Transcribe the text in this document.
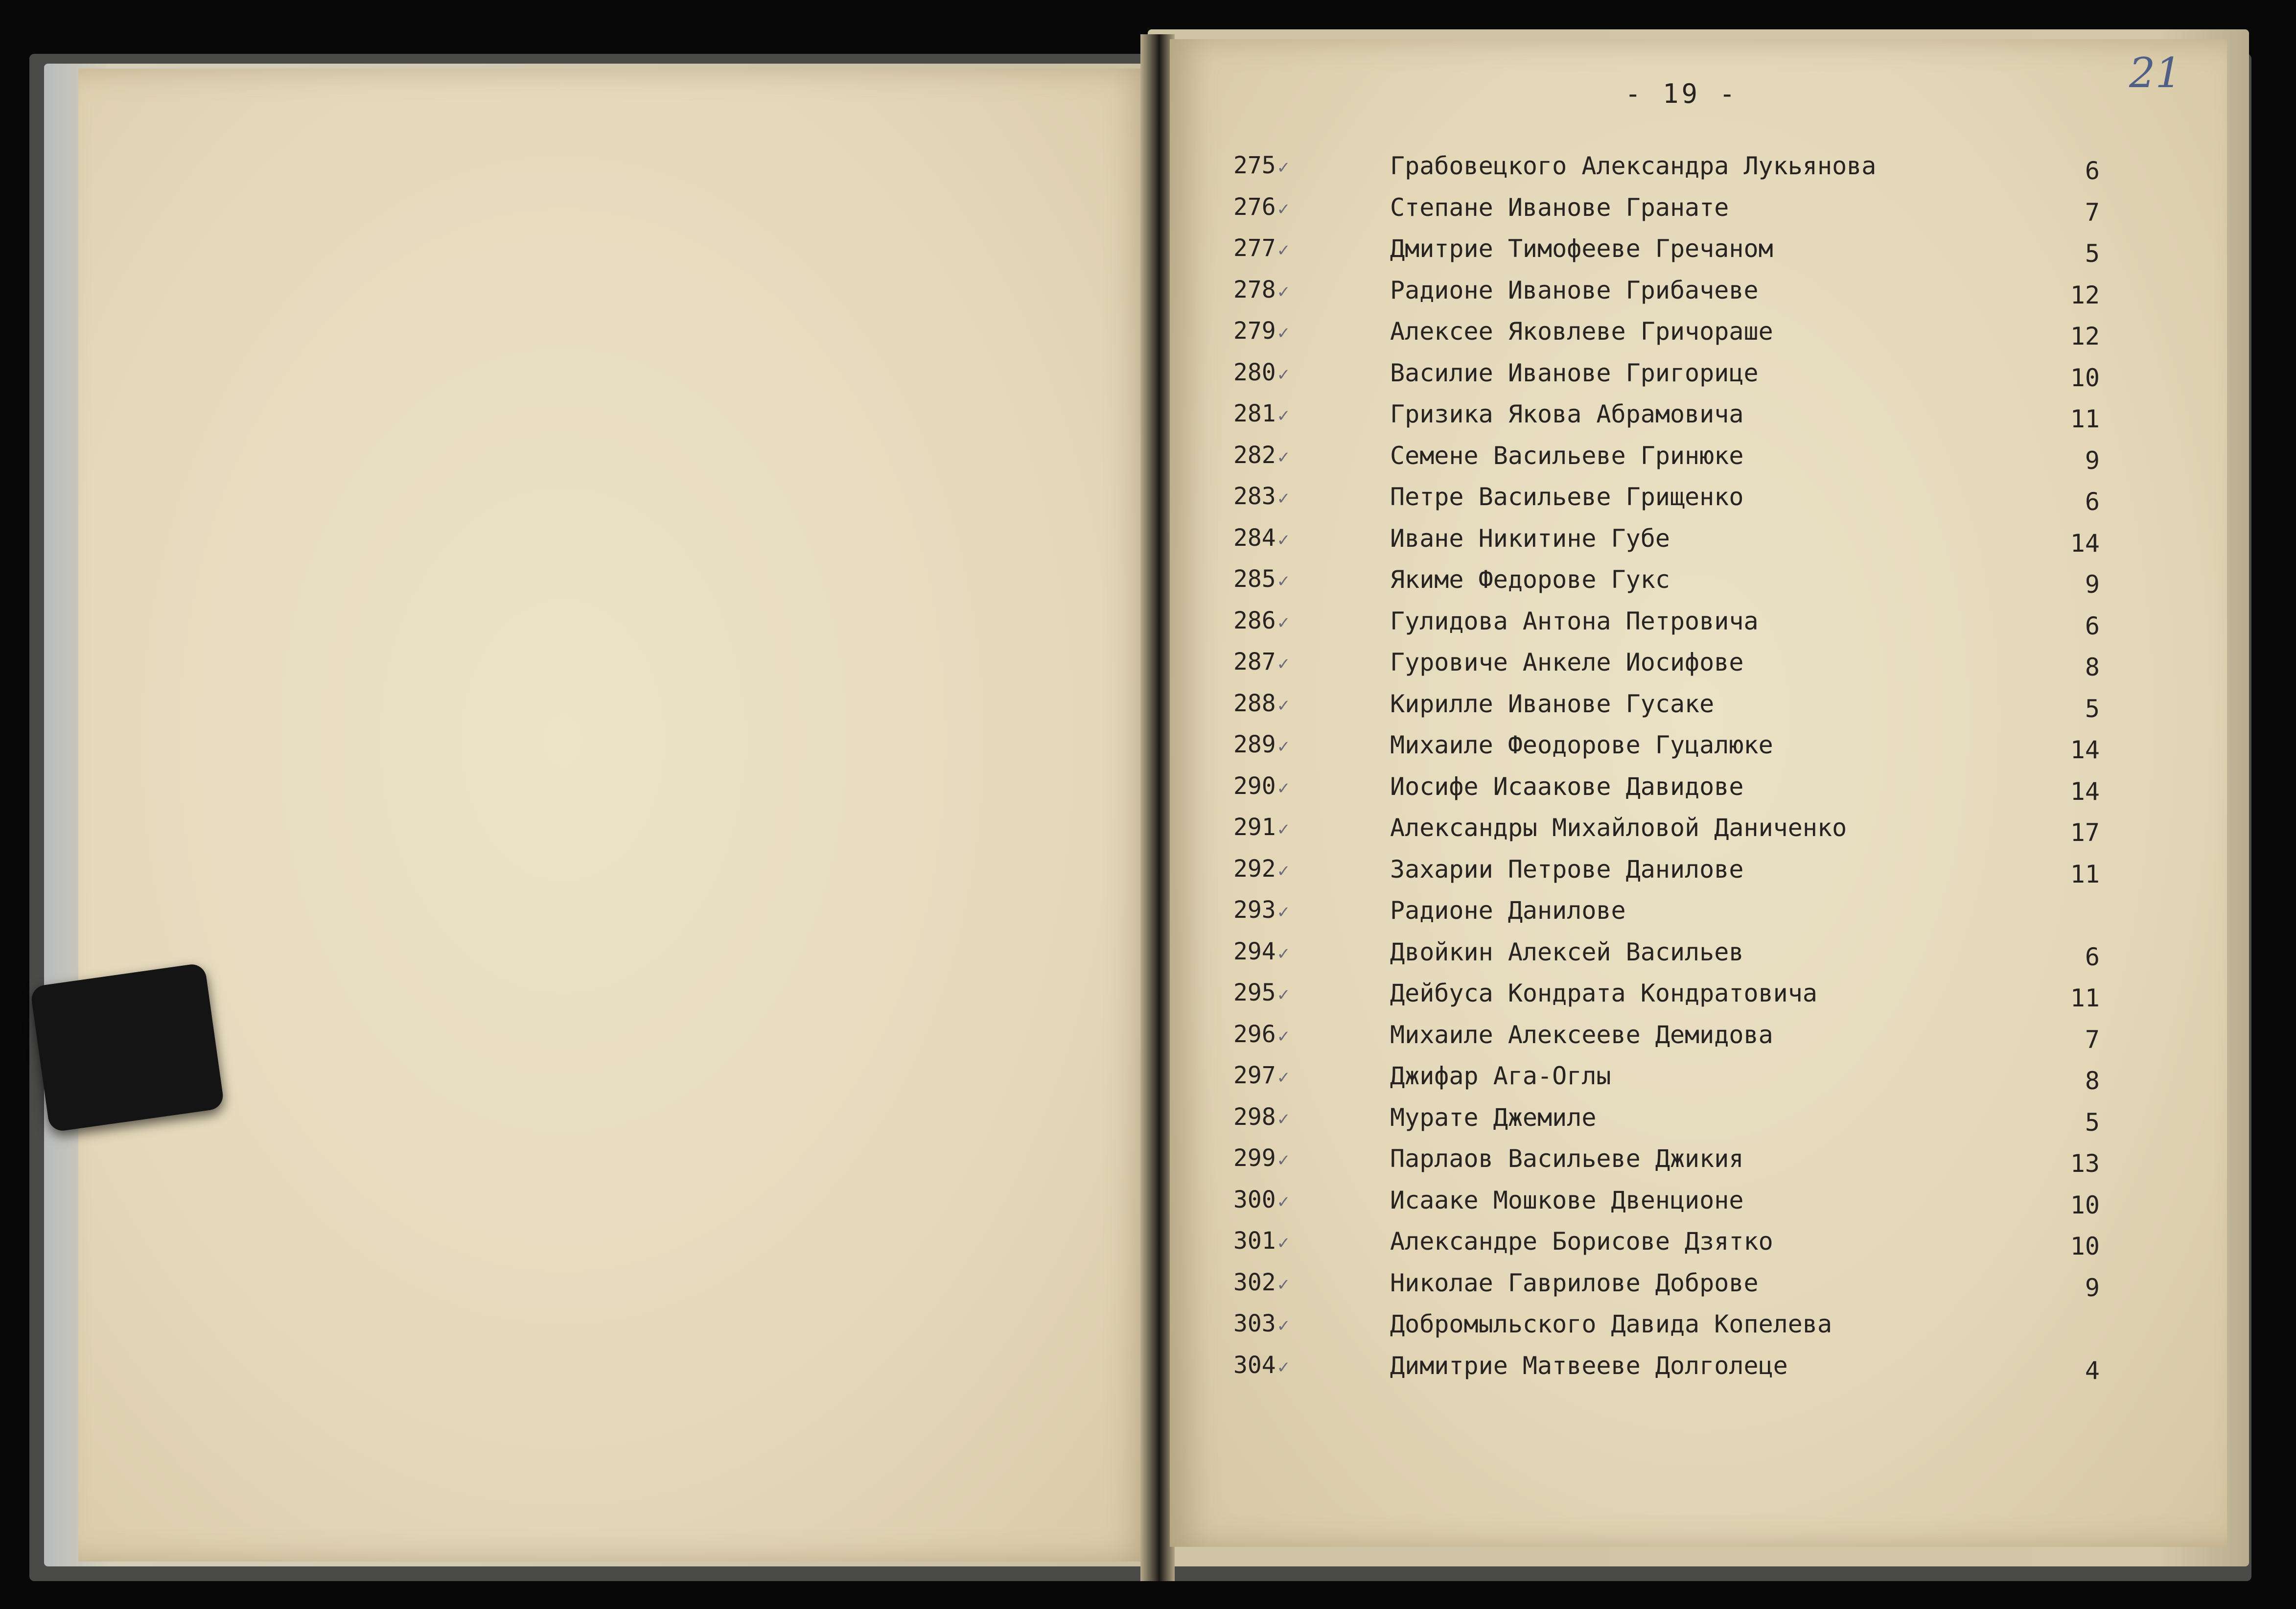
- 19 -	21
275 ✓	Грабовецкого Александра Лукьянова	6
276 ✓	Степане Иванове Гранате	7
277 ✓	Дмитрие Тимофееве Гречаном	5
278 ✓	Радионе Иванове Грибачеве	12
279 ✓	Алексее Яковлеве Гричораше	12
280 ✓	Василие Иванове Григорице	10
281 ✓	Гризика Якова Абрамовича	11
282 ✓	Семене Васильеве Гринюке	9
283 ✓	Петре Васильеве Грищенко	6
284 ✓	Иване Никитине Губе	14
285 ✓	Якиме Федорове Гукс	9
286 ✓	Гулидова Антона Петровича	6
287 ✓	Гуровиче Анкеле Иосифове	8
288 ✓	Кирилле Иванове Гусаке	5
289 ✓	Михаиле Феодорове Гуцалюке	14
290 ✓	Иосифе Исаакове Давидове	14
291 ✓	Александры Михайловой Даниченко	17
292 ✓	Захарии Петрове Данилове	11
293 ✓	Радионе Данилове
294 ✓	Двойкин Алексей Васильев	6
295 ✓	Дейбуса Кондрата Кондратовича	11
296 ✓	Михаиле Алексееве Демидова	7
297 ✓	Джифар Ага-Оглы	8
298 ✓	Мурате Джемиле	5
299 ✓	Парлаов Васильеве Джикия	13
300 ✓	Исааке Мошкове Двенционе	10
301 ✓	Александре Борисове Дзятко	10
302 ✓	Николае Гаврилове Доброве	9
303 ✓	Добромыльского Давида Копелева
304 ✓	Димитрие Матвееве Долголеце	4
